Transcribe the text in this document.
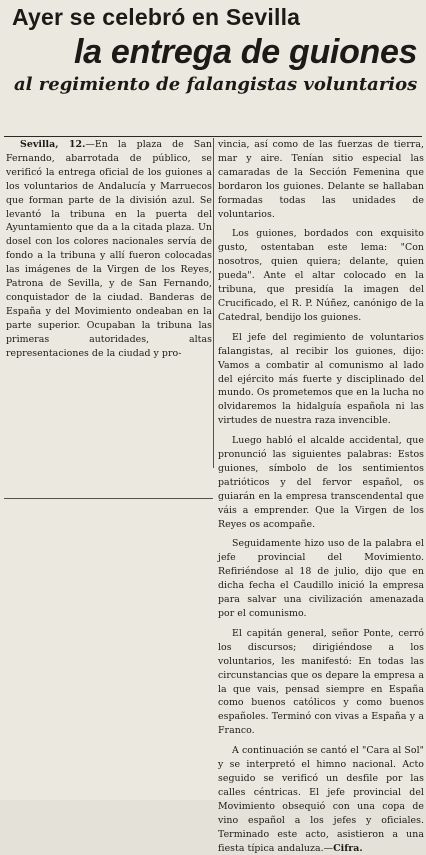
Ayer se celebró en Sevilla
la entrega de guiones
al regimiento de falangistas voluntarios

Sevilla, 12.—En la plaza de San Fernando, abarrotada de público, se verificó la entrega oficial de los guiones a los voluntarios de Andalucía y Marruecos que forman parte de la división azul. Se levantó la tribuna en la puerta del Ayuntamiento que da a la citada plaza. Un dosel con los colores nacionales servía de fondo a la tribuna y allí fueron colocadas las imágenes de la Virgen de los Reyes, Patrona de Sevilla, y de San Fernando, conquistador de la ciudad. Banderas de España y del Movimiento ondeaban en la parte superior. Ocupaban la tribuna las primeras autoridades, altas representaciones de la ciudad y pro-

vincia, así como de las fuerzas de tierra, mar y aire. Tenían sitio especial las camaradas de la Sección Femenina que bordaron los guiones. Delante se hallaban formadas todas las unidades de voluntarios.

Los guiones, bordados con exquisito gusto, ostentaban este lema: "Con nosotros, quien quiera; delante, quien pueda". Ante el altar colocado en la tribuna, que presidía la imagen del Crucificado, el R. P. Núñez, canónigo de la Catedral, bendijo los guiones.

El jefe del regimiento de voluntarios falangistas, al recibir los guiones, dijo: Vamos a combatir al comunismo al lado del ejército más fuerte y disciplinado del mundo. Os prometemos que en la lucha no olvidaremos la hidalguía española ni las virtudes de nuestra raza invencible.

Luego habló el alcalde accidental, que pronunció las siguientes palabras: Estos guiones, símbolo de los sentimientos patrióticos y del fervor español, os guiarán en la empresa transcendental que váis a emprender. Que la Virgen de los Reyes os acompañe.

Seguidamente hizo uso de la palabra el jefe provincial del Movimiento. Refiriéndose al 18 de julio, dijo que en dicha fecha el Caudillo inició la empresa para salvar una civilización amenazada por el comunismo.

El capitán general, señor Ponte, cerró los discursos; dirigiéndose a los voluntarios, les manifestó: En todas las circunstancias que os depare la empresa a la que vais, pensad siempre en España como buenos católicos y como buenos españoles. Terminó con vivas a España y a Franco.

A continuación se cantó el "Cara al Sol" y se interpretó el himno nacional. Acto seguido se verificó un desfile por las calles céntricas. El jefe provincial del Movimiento obsequió con una copa de vino español a los jefes y oficiales. Terminado este acto, asistieron a una fiesta típica andaluza.—Cifra.
